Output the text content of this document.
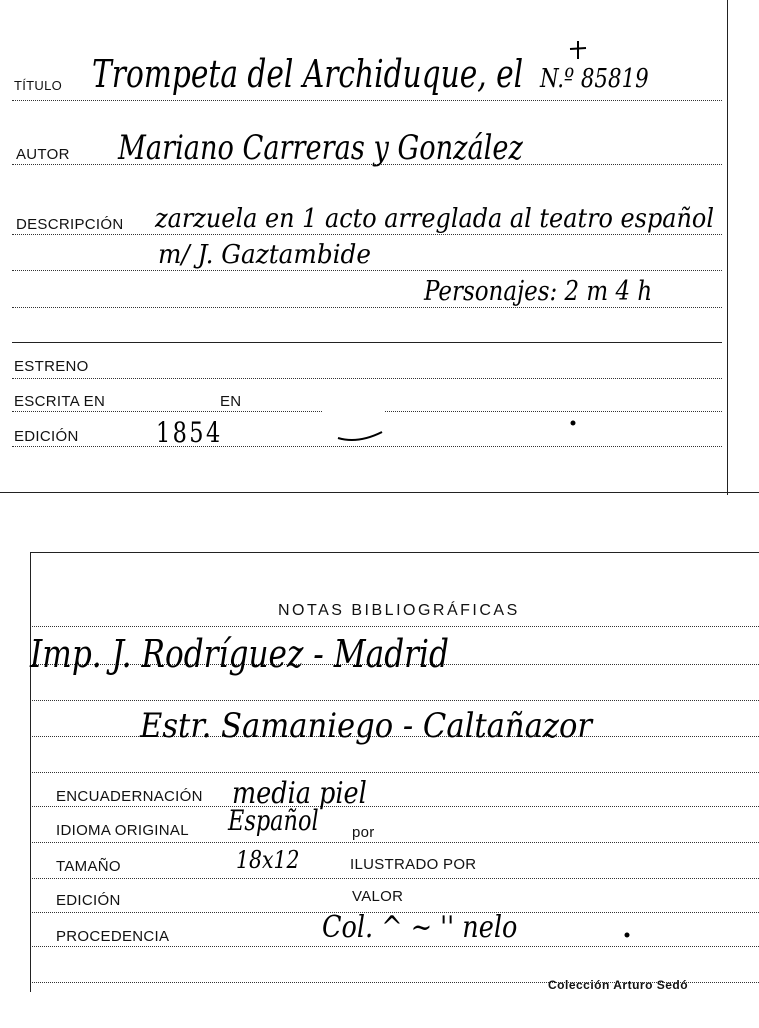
TÍTULO Trompeta del Archiduque, el N.º 85819
AUTOR Mariano Carreras y González
DESCRIPCIÓN zarzuela en 1 acto arreglada al teatro español
m/ J. Gaztambide
Personajes: 2 m 4 h
ESTRENO
ESCRITA EN	EN
EDICIÓN	1854
NOTAS BIBLIOGRÁFICAS
Imp. J. Rodríguez - Madrid
Estr. Samaniego - Caltañazor
ENCUADERNACIÓN media piel
IDIOMA ORIGINAL Español por
TAMAÑO	18x12	ILUSTRADO POR
EDICIÓN	VALOR
PROCEDENCIA	Col. ^ ~ '' nelo
Colección Arturo Sedó
